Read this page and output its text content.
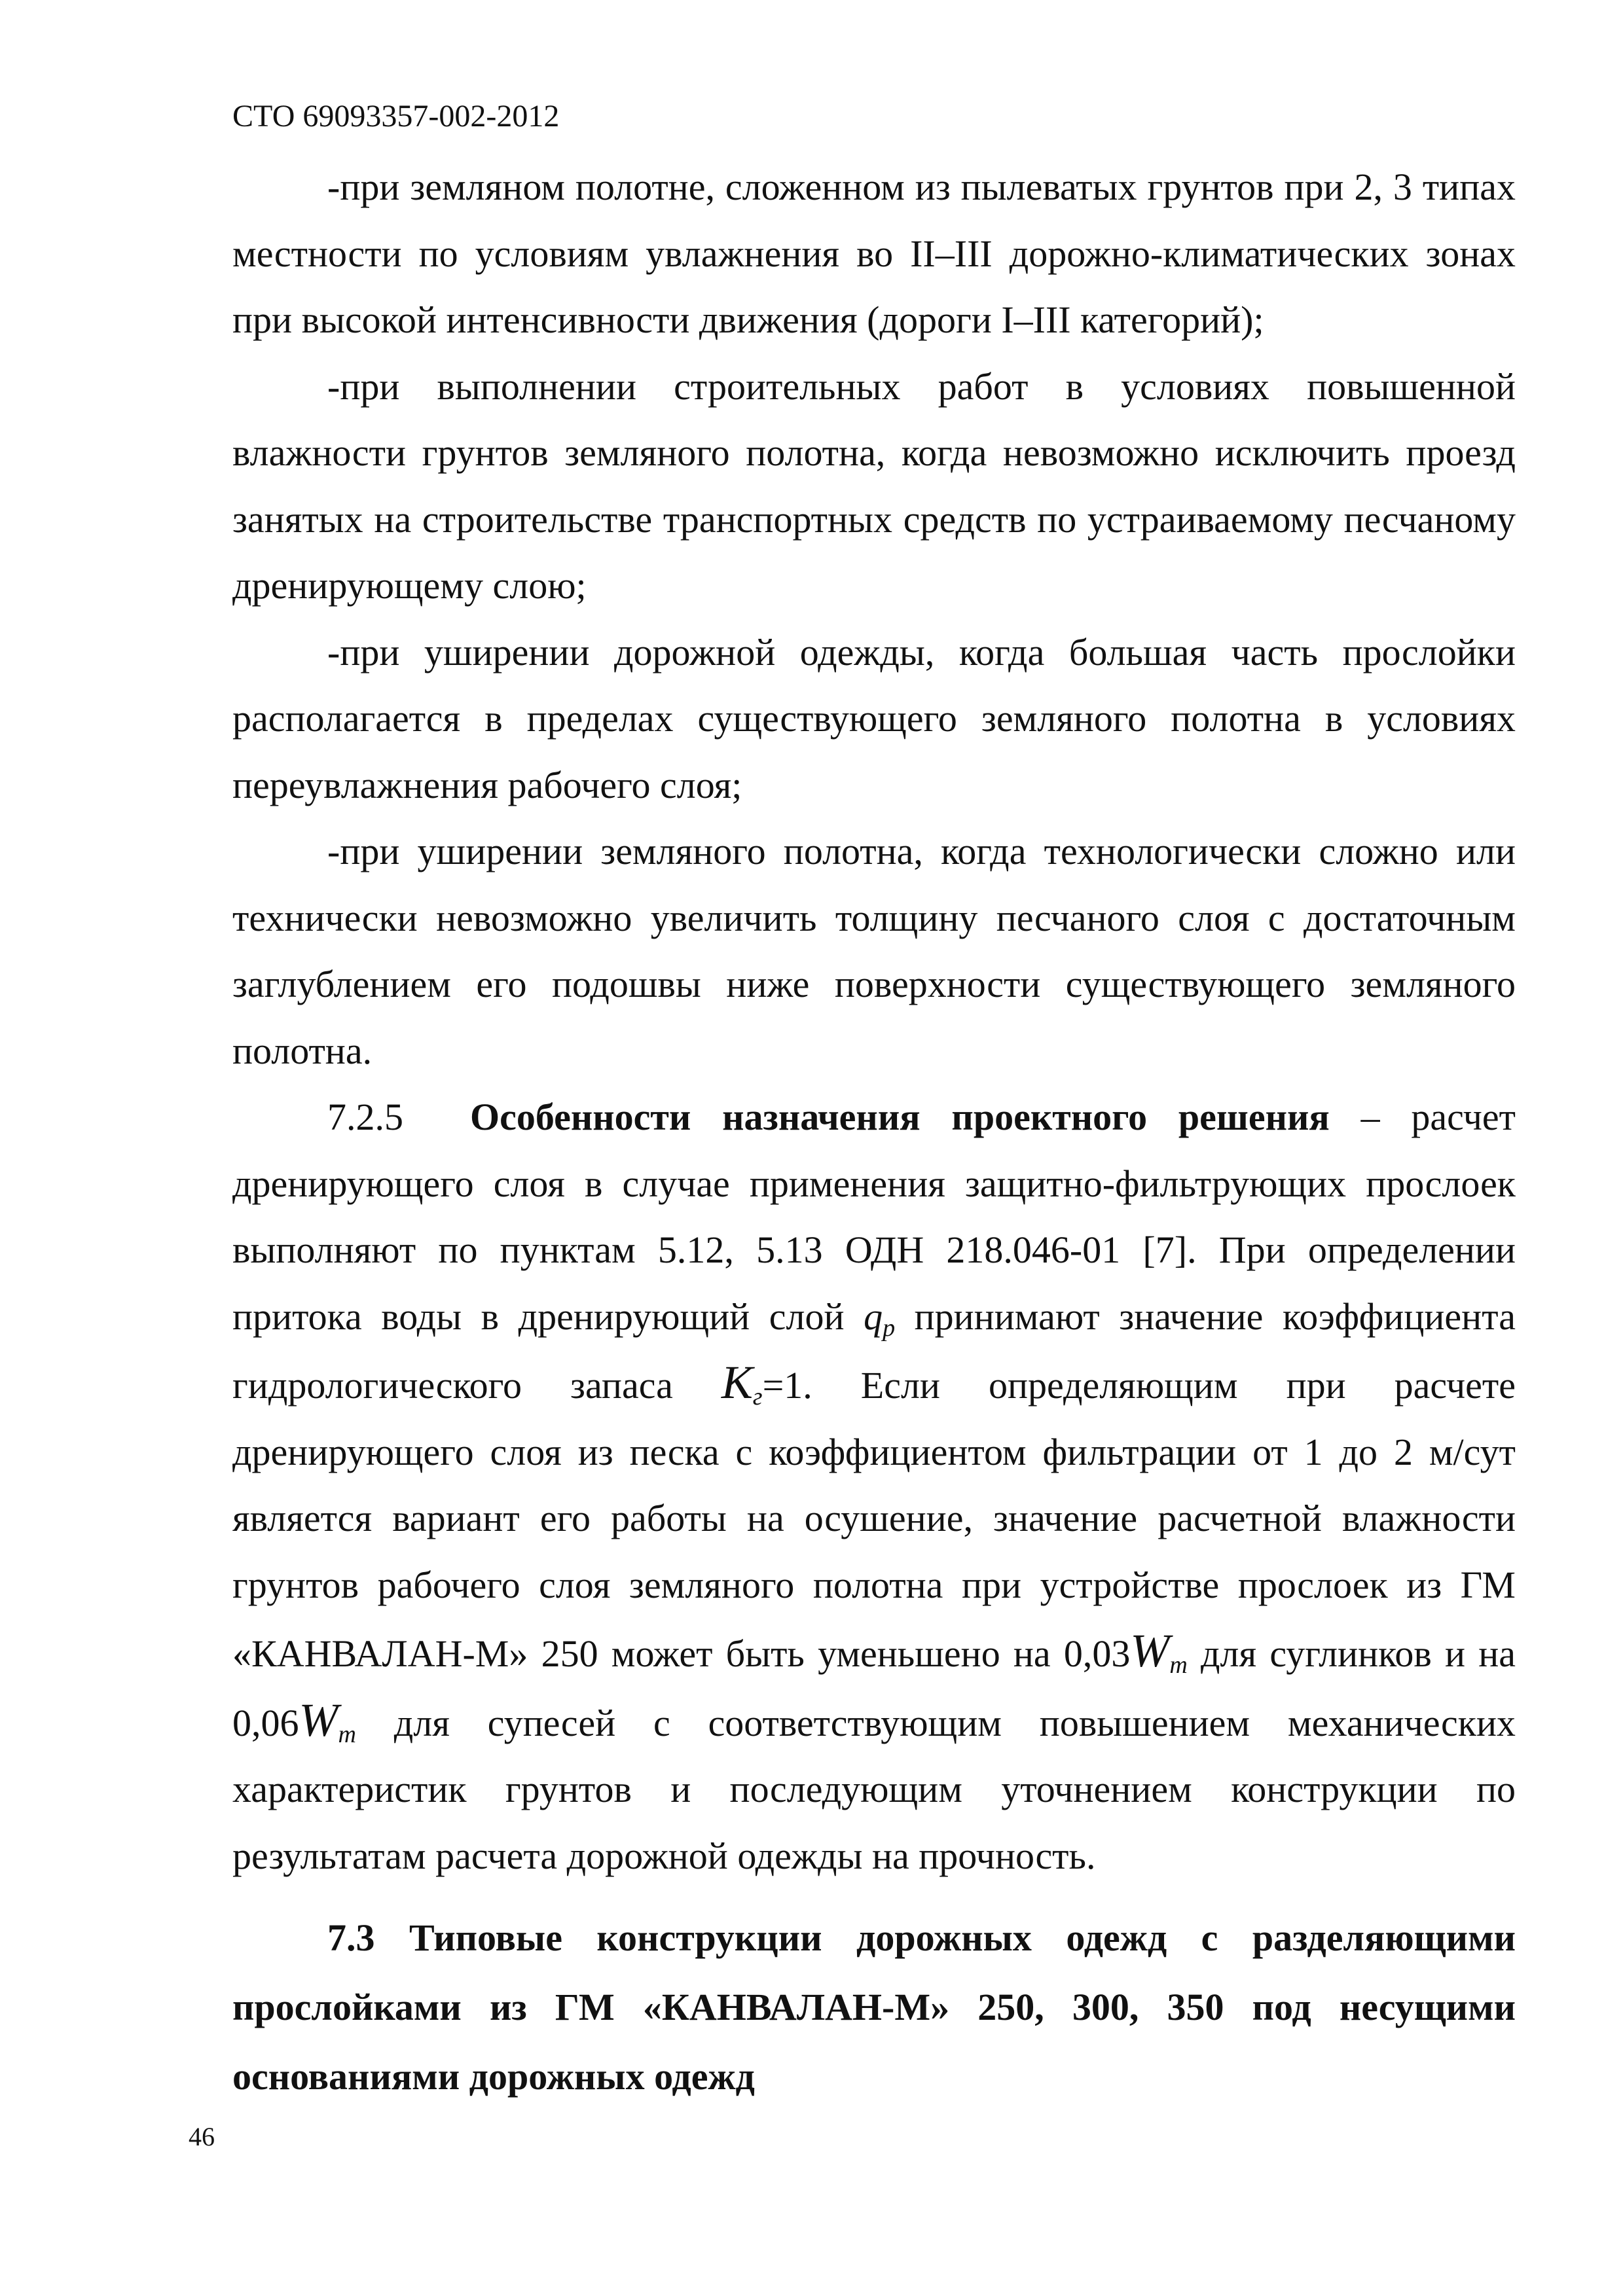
СТО 69093357-002-2012

-при земляном полотне, сложенном из пылеватых грунтов при 2, 3 типах местности по условиям увлажнения во II–III дорожно-климатических зонах при высокой интенсивности движения (дороги I–III категорий);

-при выполнении строительных работ в условиях повышенной влажности грунтов земляного полотна, когда невозможно исключить проезд занятых на строительстве транспортных средств по устраиваемому песчаному дренирующему слою;

-при уширении дорожной одежды, когда большая часть прослойки располагается в пределах существующего земляного полотна в условиях переувлажнения рабочего слоя;

-при уширении земляного полотна, когда технологически сложно или технически невозможно увеличить толщину песчаного слоя с достаточным заглублением его подошвы ниже поверхности существующего земляного полотна.

7.2.5 Особенности назначения проектного решения – расчет дренирующего слоя в случае применения защитно-фильтрующих прослоек выполняют по пунктам 5.12, 5.13 ОДН 218.046-01 [7]. При определении притока воды в дренирующий слой $q_р$ принимают значение коэффициента гидрологического запаса $К_г=1$. Если определяющим при расчете дренирующего слоя из песка с коэффициентом фильтрации от 1 до 2 м/сут является вариант его работы на осушение, значение расчетной влажности грунтов рабочего слоя земляного полотна при устройстве прослоек из ГМ «КАНВАЛАН-М» 250 может быть уменьшено на $0,03W_т$ для суглинков и на $0,06W_т$ для супесей с соответствующим повышением механических характеристик грунтов и последующим уточнением конструкции по результатам расчета дорожной одежды на прочность.

7.3 Типовые конструкции дорожных одежд с разделяющими прослойками из ГМ «КАНВАЛАН-М» 250, 300, 350 под несущими основаниями дорожных одежд

46
